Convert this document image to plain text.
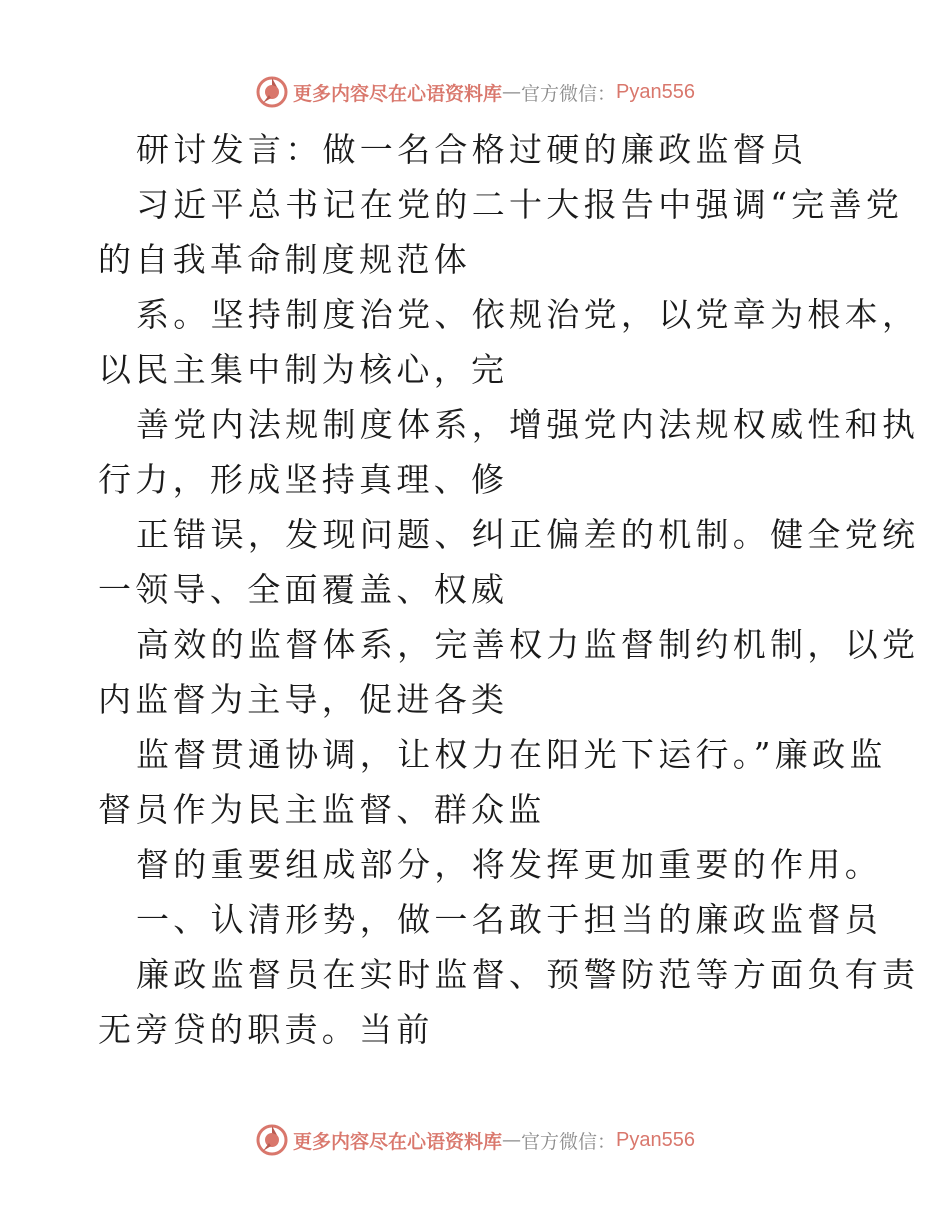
更多内容尽在心语资料库 — 官方微信： Pyan556
研讨发言：做一名合格过硬的廉政监督员
习近平总书记在党的二十大报告中强调“完善党
的自我革命制度规范体
系。坚持制度治党、依规治党，以党章为根本，
以民主集中制为核心，完
善党内法规制度体系，增强党内法规权威性和执
行力，形成坚持真理、修
正错误，发现问题、纠正偏差的机制。健全党统
一领导、全面覆盖、权威
高效的监督体系，完善权力监督制约机制，以党
内监督为主导，促进各类
监督贯通协调，让权力在阳光下运行。”廉政监
督员作为民主监督、群众监
督的重要组成部分，将发挥更加重要的作用。
一、认清形势，做一名敢于担当的廉政监督员
廉政监督员在实时监督、预警防范等方面负有责
无旁贷的职责。当前
更多内容尽在心语资料库 — 官方微信： Pyan556
